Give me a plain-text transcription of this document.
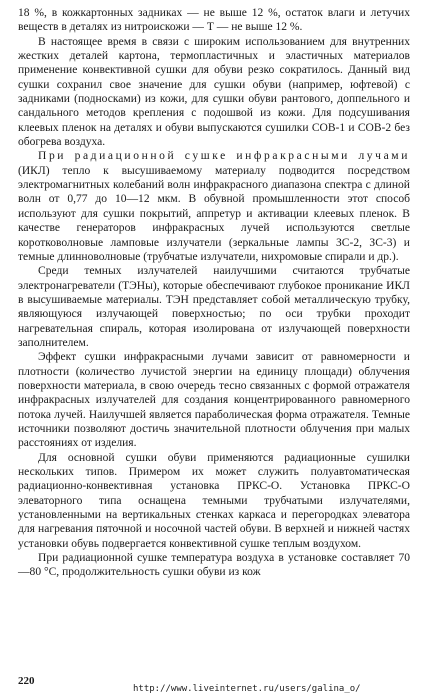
18 %, в кожкартонных задниках — не выше 12 %, остаток влаги и летучих веществ в деталях из нитроискожи — Т — не выше 12 %.

В настоящее время в связи с широким использованием для внутренних жестких деталей картона, термопластичных и эластичных материалов применение конвективной сушки для обуви резко сократилось. Данный вид сушки сохранил свое значение для сушки обуви (например, юфтевой) с задниками (подносками) из кожи, для сушки обуви рантового, доппельного и сандального методов крепления с подошвой из кожи. Для подсушивания клеевых пленок на деталях и обуви выпускаются сушилки СОВ-1 и СОВ-2 без обогрева воздуха.

При радиационной сушке инфракрасными лучами (ИКЛ) тепло к высушиваемому материалу подводится посредством электромагнитных колебаний волн инфракрасного диапазона спектра с длиной волн от 0,77 до 10—12 мкм. В обувной промышленности этот способ используют для сушки покрытий, аппретур и активации клеевых пленок. В качестве генераторов инфракрасных лучей используются светлые коротковолновые ламповые излучатели (зеркальные лампы ЗС-2, ЗС-3) и темные длинноволновые (трубчатые излучатели, нихромовые спирали и др.).

Среди темных излучателей наилучшими считаются трубчатые электронагреватели (ТЭНы), которые обеспечивают глубокое проникание ИКЛ в высушиваемые материалы. ТЭН представляет собой металлическую трубку, являющуюся излучающей поверхностью; по оси трубки проходит нагревательная спираль, которая изолирована от излучающей поверхности заполнителем.

Эффект сушки инфракрасными лучами зависит от равномерности и плотности (количество лучистой энергии на единицу площади) облучения поверхности материала, в свою очередь тесно связанных с формой отражателя инфракрасных излучателей для создания концентрированного равномерного потока лучей. Наилучшей является параболическая форма отражателя. Темные источники позволяют достичь значительной плотности облучения при малых расстояниях от изделия.

Для основной сушки обуви применяются радиационные сушилки нескольких типов. Примером их может служить полуавтоматическая радиационно-конвективная установка ПРКС-О. Установка ПРКС-О элеваторного типа оснащена темными трубчатыми излучателями, установленными на вертикальных стенках каркаса и перегородках элеватора для нагревания пяточной и носочной частей обуви. В верхней и нижней частях установки обувь подвергается конвективной сушке теплым воздухом.

При радиационной сушке температура воздуха в установке составляет 70—80 °С, продолжительность сушки обуви из кож

220
http://www.liveinternet.ru/users/galina_o/
